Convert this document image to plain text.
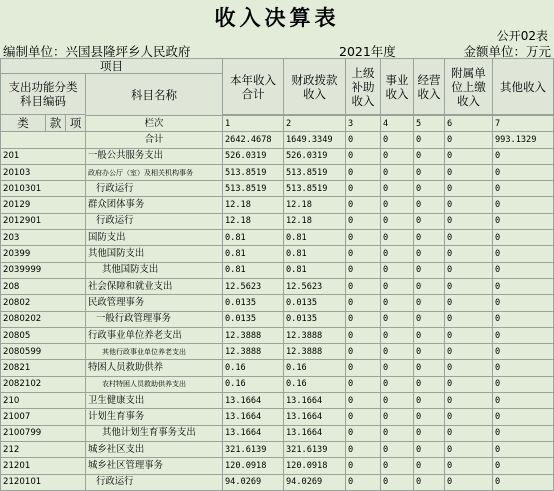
收入决算表
公开02表
编制单位：兴国县隆坪乡人民政府	2021年度	金额单位：万元
项目				本年收入合计	财政拨款收入	上级补助收入	事业收入	经营收入	附属单位上缴收入	其他收入
支出功能分类科目编码			科目名称							

类	款	项								
			栏次	1	2	3	4	5	6	7
			合计	2642.4678	1649.3349	0	0	0	0	993.1329
201			一般公共服务支出	526.0319	526.0319	0	0	0	0	0
20103			政府办公厅（室）及相关机构事务	513.8519	513.8519	0	0	0	0	0
2010301			行政运行	513.8519	513.8519	0	0	0	0	0
20129			群众团体事务	12.18	12.18	0	0	0	0	0
2012901			行政运行	12.18	12.18	0	0	0	0	0
203			国防支出	0.81	0.81	0	0	0	0	0
20399			其他国防支出	0.81	0.81	0	0	0	0	0
2039999			其他国防支出	0.81	0.81	0	0	0	0	0
208			社会保障和就业支出	12.5623	12.5623	0	0	0	0	0
20802			民政管理事务	0.0135	0.0135	0	0	0	0	0
2080202			一般行政管理事务	0.0135	0.0135	0	0	0	0	0
20805			行政事业单位养老支出	12.3888	12.3888	0	0	0	0	0
2080599			其他行政事业单位养老支出	12.3888	12.3888	0	0	0	0	0
20821			特困人员救助供养	0.16	0.16	0	0	0	0	0
2082102			农村特困人员救助供养支出	0.16	0.16	0	0	0	0	0
210			卫生健康支出	13.1664	13.1664	0	0	0	0	0
21007			计划生育事务	13.1664	13.1664	0	0	0	0	0
2100799			其他计划生育事务支出	13.1664	13.1664	0	0	0	0	0
212			城乡社区支出	321.6139	321.6139	0	0	0	0	0
21201			城乡社区管理事务	120.0918	120.0918	0	0	0	0	0
2120101			行政运行	94.0269	94.0269	0	0	0	0	0
